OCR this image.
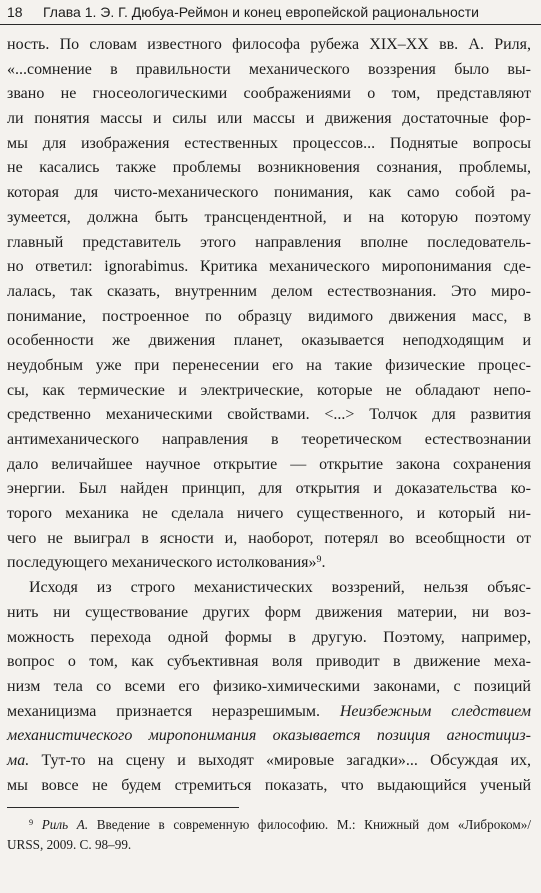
18 Глава 1. Э. Г. Дюбуа-Реймон и конец европейской рациональности
ность. По словам известного философа рубежа XIX–XX вв. А. Риля,
«...сомнение в правильности механического воззрения было вы-
звано не гносеологическими соображениями о том, представляют
ли понятия массы и силы или массы и движения достаточные фор-
мы для изображения естественных процессов... Поднятые вопросы
не касались также проблемы возникновения сознания, проблемы,
которая для чисто-механического понимания, как само собой ра-
зумеется, должна быть трансцендентной, и на которую поэтому
главный представитель этого направления вполне последователь-
но ответил: ignorabimus. Критика механического миропонимания сде-
лалась, так сказать, внутренним делом естествознания. Это миро-
понимание, построенное по образцу видимого движения масс, в
особенности же движения планет, оказывается неподходящим и
неудобным уже при перенесении его на такие физические процес-
сы, как термические и электрические, которые не обладают непо-
средственно механическими свойствами. <...> Толчок для развития
антимеханического направления в теоретическом естествознании
дало величайшее научное открытие — открытие закона сохранения
энергии. Был найден принцип, для открытия и доказательства ко-
торого механика не сделала ничего существенного, и который ни-
чего не выиграл в ясности и, наоборот, потерял во всеобщности от
последующего механического истолкования»$^9$.
Исходя из строго механистических воззрений, нельзя объяс-
нить ни существование других форм движения материи, ни воз-
можность перехода одной формы в другую. Поэтому, например,
вопрос о том, как субъективная воля приводит в движение меха-
низм тела со всеми его физико-химическими законами, с позиций
механицизма признается неразрешимым. Неизбежным следствием
механистического миропонимания оказывается позиция агностициз-
ма. Тут-то на сцену и выходят «мировые загадки»... Обсуждая их,
мы вовсе не будем стремиться показать, что выдающийся ученый
$^9$ Риль А. Введение в современную философию. М.: Книжный дом «Либроком»/
URSS, 2009. С. 98–99.
